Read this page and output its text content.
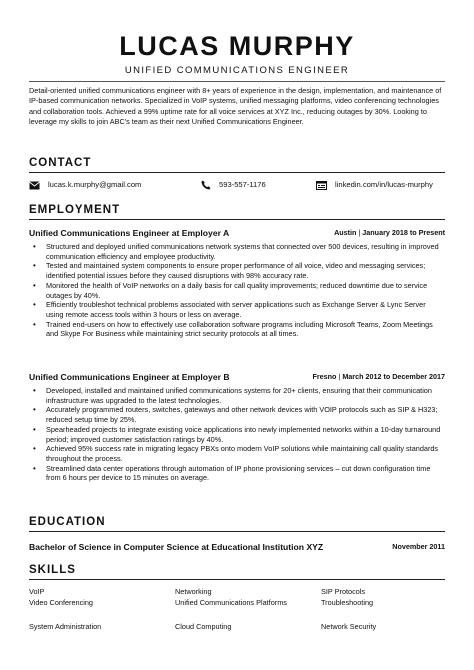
LUCAS MURPHY
UNIFIED COMMUNICATIONS ENGINEER

Detail-oriented unified communications engineer with 8+ years of experience in the design, implementation, and maintenance of IP-based communication networks. Specialized in VoIP systems, unified messaging platforms, video conferencing technologies and collaboration tools. Achieved a 99% uptime rate for all voice services at XYZ Inc., reducing outages by 30%. Looking to leverage my skills to join ABC's team as their next Unified Communications Engineer.

CONTACT
lucas.k.murphy@gmail.com	593-557-1176	linkedin.com/in/lucas-murphy
EMPLOYMENT
Unified Communications Engineer at Employer A	Austin | January 2018 to Present
• Structured and deployed unified communications network systems that connected over 500 devices, resulting in improved communication efficiency and employee productivity.
• Tested and maintained system components to ensure proper performance of all voice, video and messaging services; identified potential issues before they caused disruptions with 98% accuracy rate.
• Monitored the health of VoIP networks on a daily basis for call quality improvements; reduced downtime due to service outages by 40%.
• Efficiently troubleshot technical problems associated with server applications such as Exchange Server & Lync Server using remote access tools within 3 hours or less on average.
• Trained end-users on how to effectively use collaboration software programs including Microsoft Teams, Zoom Meetings and Skype For Business while maintaining strict security protocols at all times.
Unified Communications Engineer at Employer B	Fresno | March 2012 to December 2017
• Developed, installed and maintained unified communications systems for 20+ clients, ensuring that their communication infrastructure was upgraded to the latest technologies.
• Accurately programmed routers, switches, gateways and other network devices with VOIP protocols such as SIP & H323; reduced setup time by 25%.
• Spearheaded projects to integrate existing voice applications into newly implemented networks within a 10-day turnaround period; improved customer satisfaction ratings by 40%.
• Achieved 95% success rate in migrating legacy PBXs onto modern VoIP solutions while maintaining call quality standards throughout the process.
• Streamlined data center operations through automation of IP phone provisioning services – cut down configuration time from 6 hours per device to 15 minutes on average.
EDUCATION
Bachelor of Science in Computer Science at Educational Institution XYZ	November 2011
SKILLS
VoIP	Networking	SIP Protocols
Video Conferencing	Unified Communications Platforms	Troubleshooting
System Administration	Cloud Computing	Network Security
